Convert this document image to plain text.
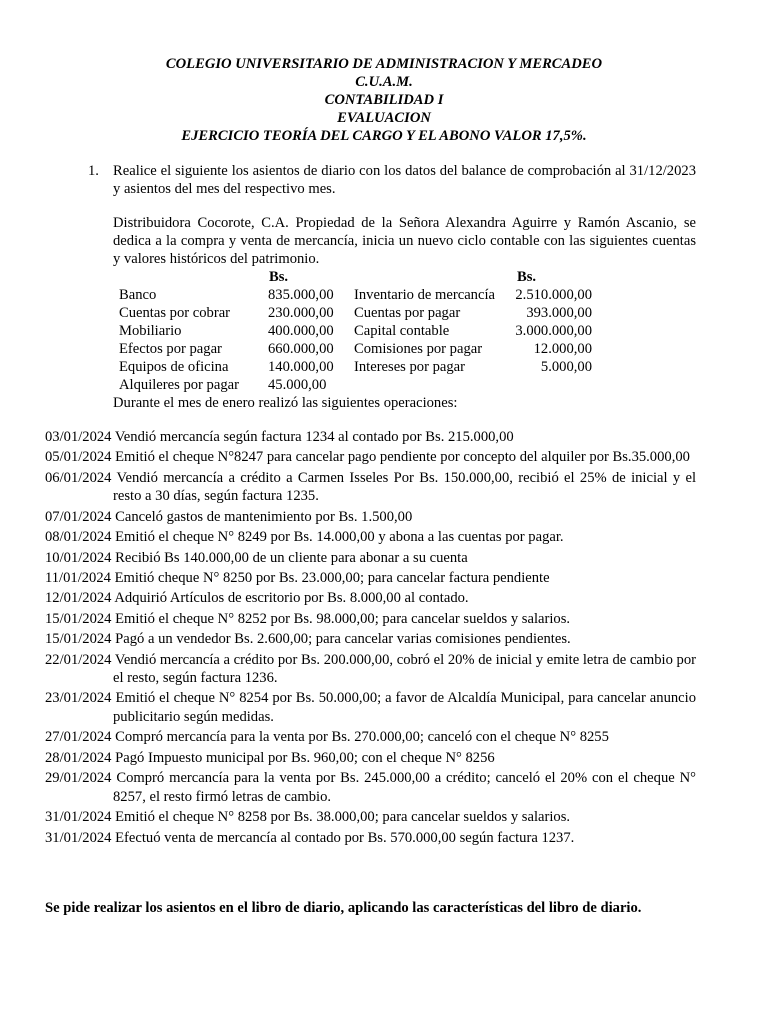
COLEGIO UNIVERSITARIO DE ADMINISTRACION Y MERCADEO
C.U.A.M.
CONTABILIDAD I
EVALUACION
EJERCICIO TEORÍA DEL CARGO Y EL ABONO VALOR 17,5%.
1. Realice el siguiente los asientos de diario con los datos del balance de comprobación al 31/12/2023 y asientos del mes del respectivo mes.
Distribuidora Cocorote, C.A. Propiedad de la Señora Alexandra Aguirre y Ramón Ascanio, se dedica a la compra y venta de mercancía, inicia un nuevo ciclo contable con las siguientes cuentas y valores históricos del patrimonio.
Bs.	Bs.
Banco	835.000,00 Inventario de mercancía 2.510.000,00
Cuentas por cobrar	230.000,00 Cuentas por pagar	393.000,00
Mobiliario	400.000,00 Capital contable	3.000.000,00
Efectos por pagar	660.000,00 Comisiones por pagar	12.000,00
Equipos de oficina	140.000,00 Intereses por pagar	5.000,00
Alquileres por pagar 45.000,00
Durante el mes de enero realizó las siguientes operaciones:
03/01/2024 Vendió mercancía según factura 1234 al contado por Bs. 215.000,00
05/01/2024 Emitió el cheque N°8247 para cancelar pago pendiente por concepto del alquiler por Bs.35.000,00
06/01/2024 Vendió mercancía a crédito a Carmen Isseles Por Bs. 150.000,00, recibió el 25% de inicial y el resto a 30 días, según factura 1235.
07/01/2024 Canceló gastos de mantenimiento por Bs. 1.500,00
08/01/2024 Emitió el cheque N° 8249 por Bs. 14.000,00 y abona a las cuentas por pagar.
10/01/2024 Recibió Bs 140.000,00 de un cliente para abonar a su cuenta
11/01/2024 Emitió cheque N° 8250 por Bs. 23.000,00; para cancelar factura pendiente
12/01/2024 Adquirió Artículos de escritorio por Bs. 8.000,00 al contado.
15/01/2024 Emitió el cheque N° 8252 por Bs. 98.000,00; para cancelar sueldos y salarios.
15/01/2024 Pagó a un vendedor Bs. 2.600,00; para cancelar varias comisiones pendientes.
22/01/2024 Vendió mercancía a crédito por Bs. 200.000,00, cobró el 20% de inicial y emite letra de cambio por el resto, según factura 1236.
23/01/2024 Emitió el cheque N° 8254 por Bs. 50.000,00; a favor de Alcaldía Municipal, para cancelar anuncio publicitario según medidas.
27/01/2024 Compró mercancía para la venta por Bs. 270.000,00; canceló con el cheque N° 8255
28/01/2024 Pagó Impuesto municipal por Bs. 960,00; con el cheque N° 8256
29/01/2024 Compró mercancía para la venta por Bs. 245.000,00 a crédito; canceló el 20% con el cheque N° 8257, el resto firmó letras de cambio.
31/01/2024 Emitió el cheque N° 8258 por Bs. 38.000,00; para cancelar sueldos y salarios.
31/01/2024 Efectuó venta de mercancía al contado por Bs. 570.000,00 según factura 1237.
Se pide realizar los asientos en el libro de diario, aplicando las características del libro de diario.
